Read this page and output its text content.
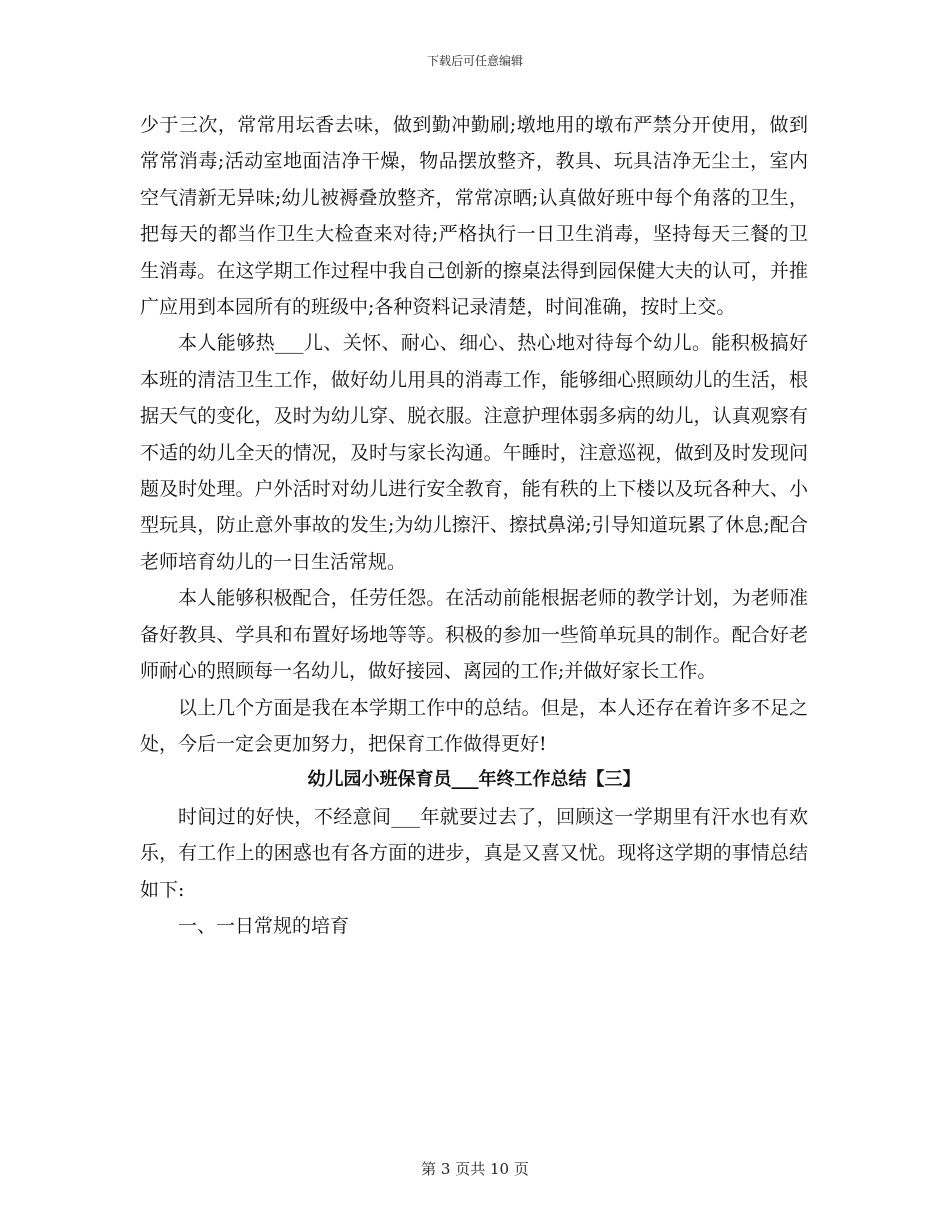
下载后可任意编辑

少于三次，常常用坛香去味，做到勤冲勤刷;墩地用的墩布严禁分开使用，做到常常消毒;活动室地面洁净干燥，物品摆放整齐，教具、玩具洁净无尘土，室内空气清新无异味;幼儿被褥叠放整齐，常常凉晒;认真做好班中每个角落的卫生，把每天的都当作卫生大检查来对待;严格执行一日卫生消毒，坚持每天三餐的卫生消毒。在这学期工作过程中我自己创新的擦桌法得到园保健大夫的认可，并推广应用到本园所有的班级中;各种资料记录清楚，时间准确，按时上交。

本人能够热___儿、关怀、耐心、细心、热心地对待每个幼儿。能积极搞好本班的清洁卫生工作，做好幼儿用具的消毒工作，能够细心照顾幼儿的生活，根据天气的变化，及时为幼儿穿、脱衣服。注意护理体弱多病的幼儿，认真观察有不适的幼儿全天的情况，及时与家长沟通。午睡时，注意巡视，做到及时发现问题及时处理。户外活时对幼儿进行安全教育，能有秩的上下楼以及玩各种大、小型玩具，防止意外事故的发生;为幼儿擦汗、擦拭鼻涕;引导知道玩累了休息;配合老师培育幼儿的一日生活常规。

本人能够积极配合，任劳任怨。在活动前能根据老师的教学计划，为老师准备好教具、学具和布置好场地等等。积极的参加一些简单玩具的制作。配合好老师耐心的照顾每一名幼儿，做好接园、离园的工作;并做好家长工作。

以上几个方面是我在本学期工作中的总结。但是，本人还存在着许多不足之处，今后一定会更加努力，把保育工作做得更好!

幼儿园小班保育员___年终工作总结【三】

时间过的好快，不经意间___年就要过去了，回顾这一学期里有汗水也有欢乐，有工作上的困惑也有各方面的进步，真是又喜又忧。现将这学期的事情总结如下:

一、一日常规的培育

第 3 页共 10 页
